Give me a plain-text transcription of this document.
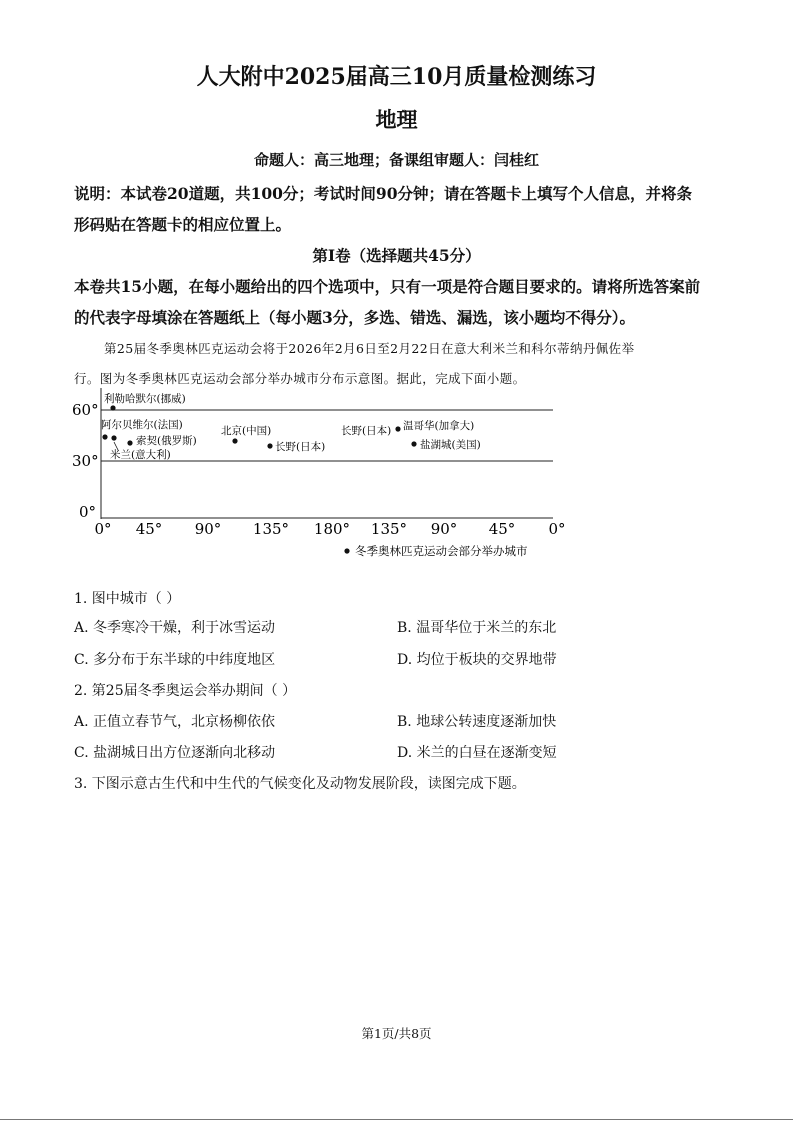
人大附中2025届高三10月质量检测练习
地理
命题人：高三地理；备课组审题人：闫桂红
说明：本试卷20道题，共100分；考试时间90分钟；请在答题卡上填写个人信息，并将条
形码贴在答题卡的相应位置上。
第Ⅰ卷（选择题共45分）
本卷共15小题，在每小题给出的四个选项中，只有一项是符合题目要求的。请将所选答案前
的代表字母填涂在答题纸上（每小题3分，多选、错选、漏选，该小题均不得分）。
第25届冬季奥林匹克运动会将于2026年2月6日至2月22日在意大利米兰和科尔蒂纳丹佩佐举
行。图为冬季奥林匹克运动会部分举办城市分布示意图。据此，完成下面小题。
60°
30°
0°
0° 45° 90° 135° 180° 135° 90° 45° 0°
利勒哈默尔(挪威)
阿尔贝维尔(法国)
索契(俄罗斯)
米兰(意大利)
北京(中国)
长野(日本)
温哥华(加拿大)
盐湖城(美国)
长野(日本)
冬季奥林匹克运动会部分举办城市
1. 图中城市（ ）
A. 冬季寒冷干燥，利于冰雪运动	B. 温哥华位于米兰的东北
C. 多分布于东半球的中纬度地区	D. 均位于板块的交界地带
2. 第25届冬季奥运会举办期间（ ）
A. 正值立春节气，北京杨柳依依	B. 地球公转速度逐渐加快
C. 盐湖城日出方位逐渐向北移动	D. 米兰的白昼在逐渐变短
3. 下图示意古生代和中生代的气候变化及动物发展阶段，读图完成下题。
第1页/共8页
